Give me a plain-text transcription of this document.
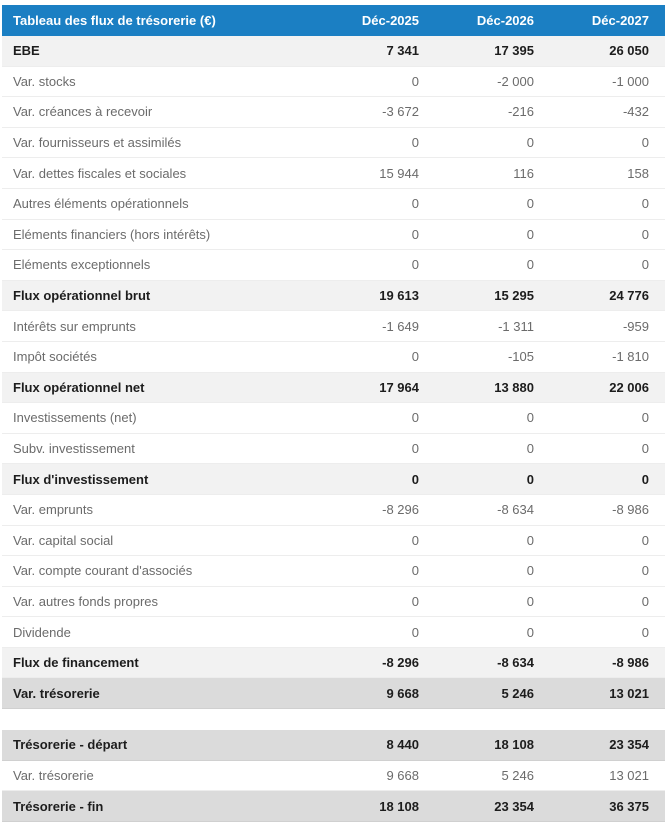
Tableau des flux de trésorerie (€)	Déc-2025	Déc-2026	Déc-2027
EBE	7 341	17 395	26 050
Var. stocks	0	-2 000	-1 000
Var. créances à recevoir	-3 672	-216	-432
Var. fournisseurs et assimilés	0	0	0
Var. dettes fiscales et sociales	15 944	116	158
Autres éléments opérationnels	0	0	0
Eléments financiers (hors intérêts)	0	0	0
Eléments exceptionnels	0	0	0
Flux opérationnel brut	19 613	15 295	24 776
Intérêts sur emprunts	-1 649	-1 311	-959
Impôt sociétés	0	-105	-1 810
Flux opérationnel net	17 964	13 880	22 006
Investissements (net)	0	0	0
Subv. investissement	0	0	0
Flux d'investissement	0	0	0
Var. emprunts	-8 296	-8 634	-8 986
Var. capital social	0	0	0
Var. compte courant d'associés	0	0	0
Var. autres fonds propres	0	0	0
Dividende	0	0	0
Flux de financement	-8 296	-8 634	-8 986
Var. trésorerie	9 668	5 246	13 021

Trésorerie - départ	8 440	18 108	23 354
Var. trésorerie	9 668	5 246	13 021
Trésorerie - fin	18 108	23 354	36 375
